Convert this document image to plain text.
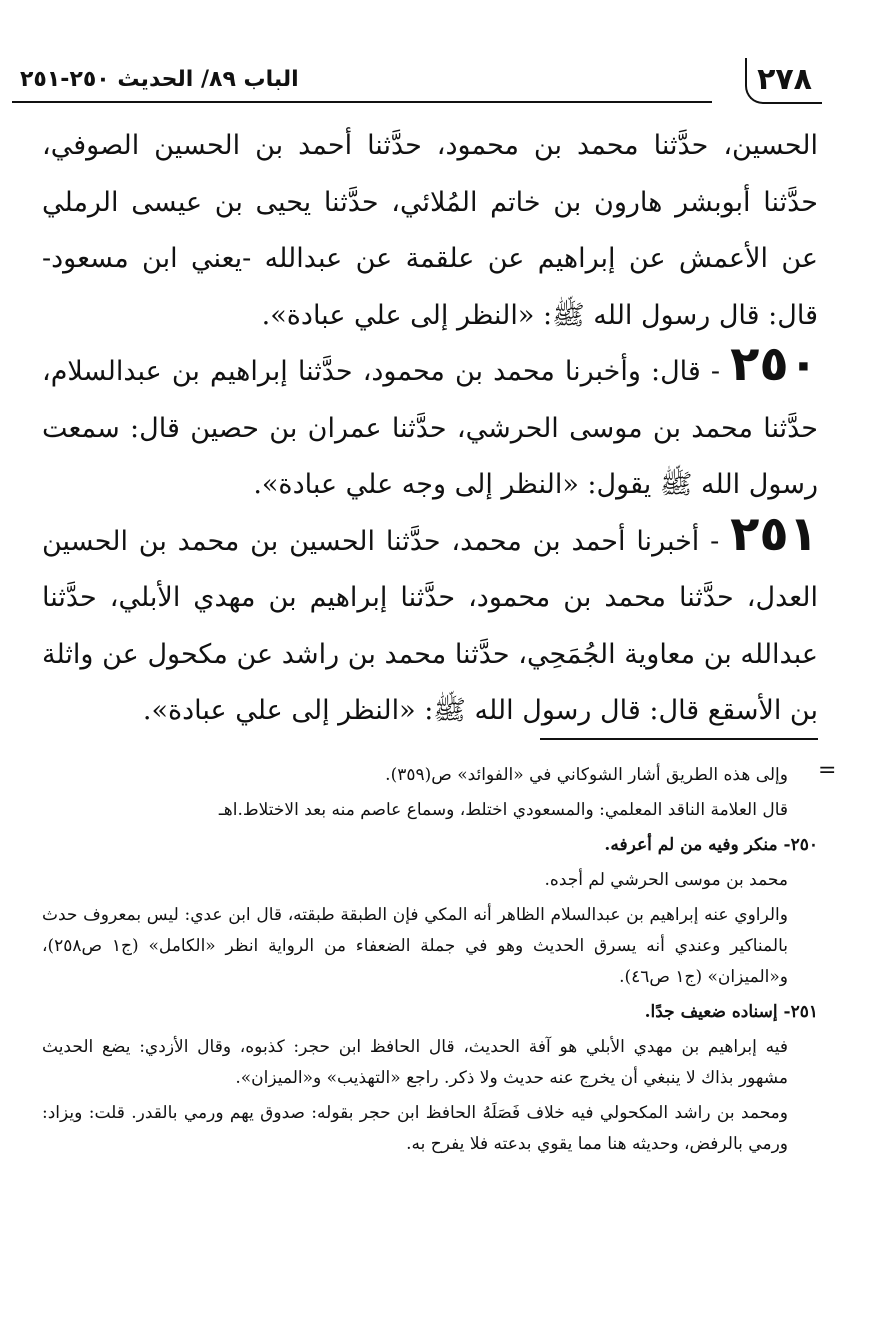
٢٧٨
الباب ٨٩/ الحديث ٢٥٠-٢٥١

الحسين، حدَّثنا محمد بن محمود، حدَّثنا أحمد بن الحسين الصوفي، حدَّثنا أبوبشر هارون بن خاتم المُلائي، حدَّثنا يحيى بن عيسى الرملي عن الأعمش عن إبراهيم عن علقمة عن عبدالله -يعني ابن مسعود- قال: قال رسول الله ﷺ: «النظر إلى علي عبادة».

٢٥٠ - قال: وأخبرنا محمد بن محمود، حدَّثنا إبراهيم بن عبدالسلام، حدَّثنا محمد بن موسى الحرشي، حدَّثنا عمران بن حصين قال: سمعت رسول الله ﷺ يقول: «النظر إلى وجه علي عبادة».

٢٥١ - أخبرنا أحمد بن محمد، حدَّثنا الحسين بن محمد بن الحسين العدل، حدَّثنا محمد بن محمود، حدَّثنا إبراهيم بن مهدي الأبلي، حدَّثنا عبدالله بن معاوية الجُمَحِي، حدَّثنا محمد بن راشد عن مكحول عن واثلة بن الأسقع قال: قال رسول الله ﷺ: «النظر إلى علي عبادة».

=

وإلى هذه الطريق أشار الشوكاني في «الفوائد» ص(٣٥٩).

قال العلامة الناقد المعلمي: والمسعودي اختلط، وسماع عاصم منه بعد الاختلاط.اهـ

٢٥٠- منكر وفيه من لم أعرفه.

محمد بن موسى الحرشي لم أجده.

والراوي عنه إبراهيم بن عبدالسلام الظاهر أنه المكي فإن الطبقة طبقته، قال ابن عدي: ليس بمعروف حدث بالمناكير وعندي أنه يسرق الحديث وهو في جملة الضعفاء من الرواية انظر «الكامل» (ج١ ص٢٥٨)، و«الميزان» (ج١ ص٤٦).

٢٥١- إسناده ضعيف جدًا.

فيه إبراهيم بن مهدي الأبلي هو آفة الحديث، قال الحافظ ابن حجر: كذبوه، وقال الأزدي: يضع الحديث مشهور بذاك لا ينبغي أن يخرج عنه حديث ولا ذكر. راجع «التهذيب» و«الميزان».

ومحمد بن راشد المكحولي فيه خلاف فَصَلَهُ الحافظ ابن حجر بقوله: صدوق يهم ورمي بالقدر. قلت: ويزاد: ورمي بالرفض، وحديثه هنا مما يقوي بدعته فلا يفرح به.
